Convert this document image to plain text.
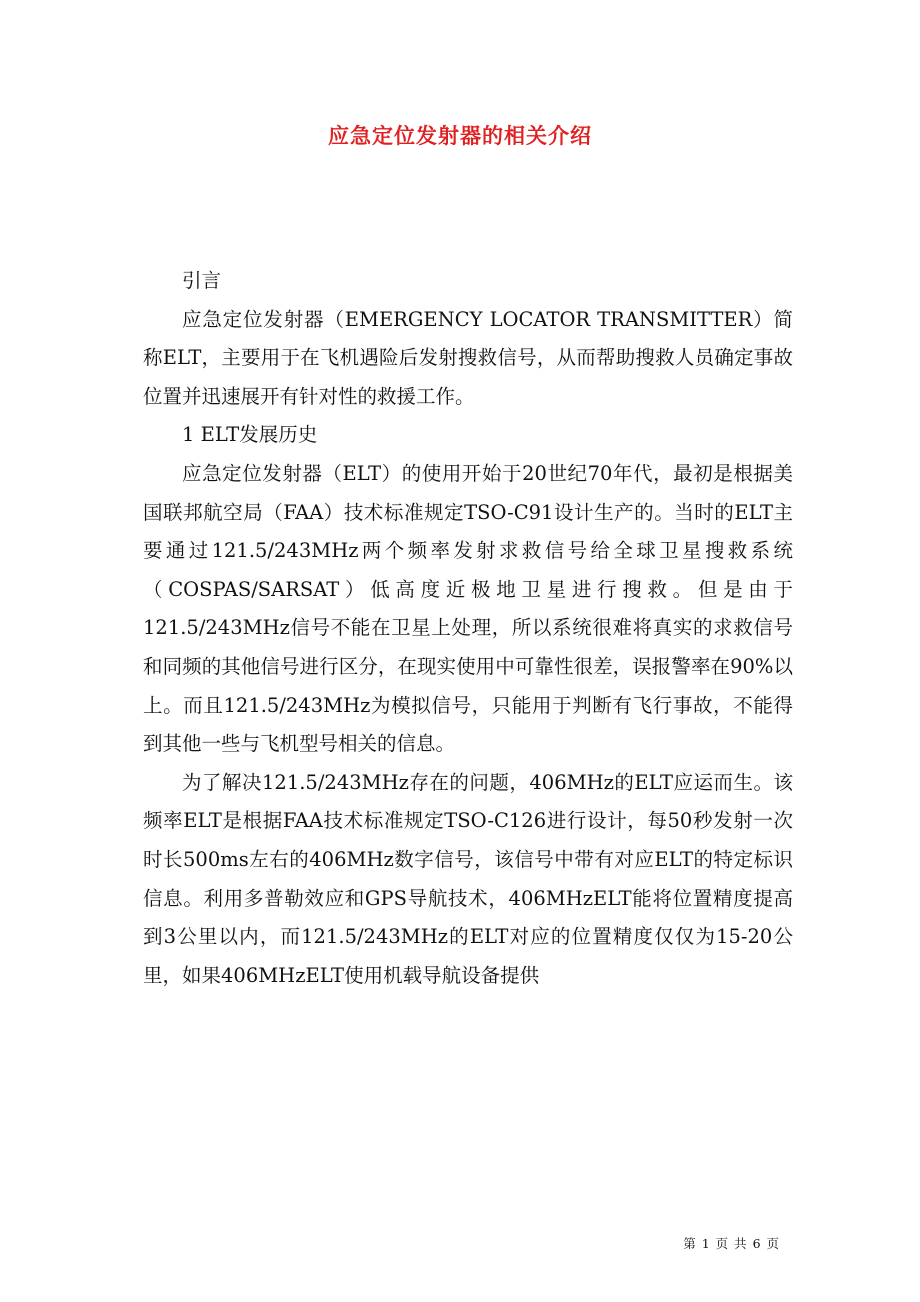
应急定位发射器的相关介绍

引言

应急定位发射器（EMERGENCY LOCATOR TRANSMITTER）简称ELT，主要用于在飞机遇险后发射搜救信号，从而帮助搜救人员确定事故位置并迅速展开有针对性的救援工作。

1 ELT发展历史

应急定位发射器（ELT）的使用开始于20世纪70年代，最初是根据美国联邦航空局（FAA）技术标准规定TSO-C91设计生产的。当时的ELT主要通过121.5/243MHz两个频率发射求救信号给全球卫星搜救系统（COSPAS/SARSAT）低高度近极地卫星进行搜救。但是由于121.5/243MHz信号不能在卫星上处理，所以系统很难将真实的求救信号和同频的其他信号进行区分，在现实使用中可靠性很差，误报警率在90%以上。而且121.5/243MHz为模拟信号，只能用于判断有飞行事故，不能得到其他一些与飞机型号相关的信息。

为了解决121.5/243MHz存在的问题，406MHz的ELT应运而生。该频率ELT是根据FAA技术标准规定TSO-C126进行设计，每50秒发射一次时长500ms左右的406MHz数字信号，该信号中带有对应ELT的特定标识信息。利用多普勒效应和GPS导航技术，406MHzELT能将位置精度提高到3公里以内，而121.5/243MHz的ELT对应的位置精度仅仅为15-20公里，如果406MHzELT使用机载导航设备提供

第 1 页 共 6 页
